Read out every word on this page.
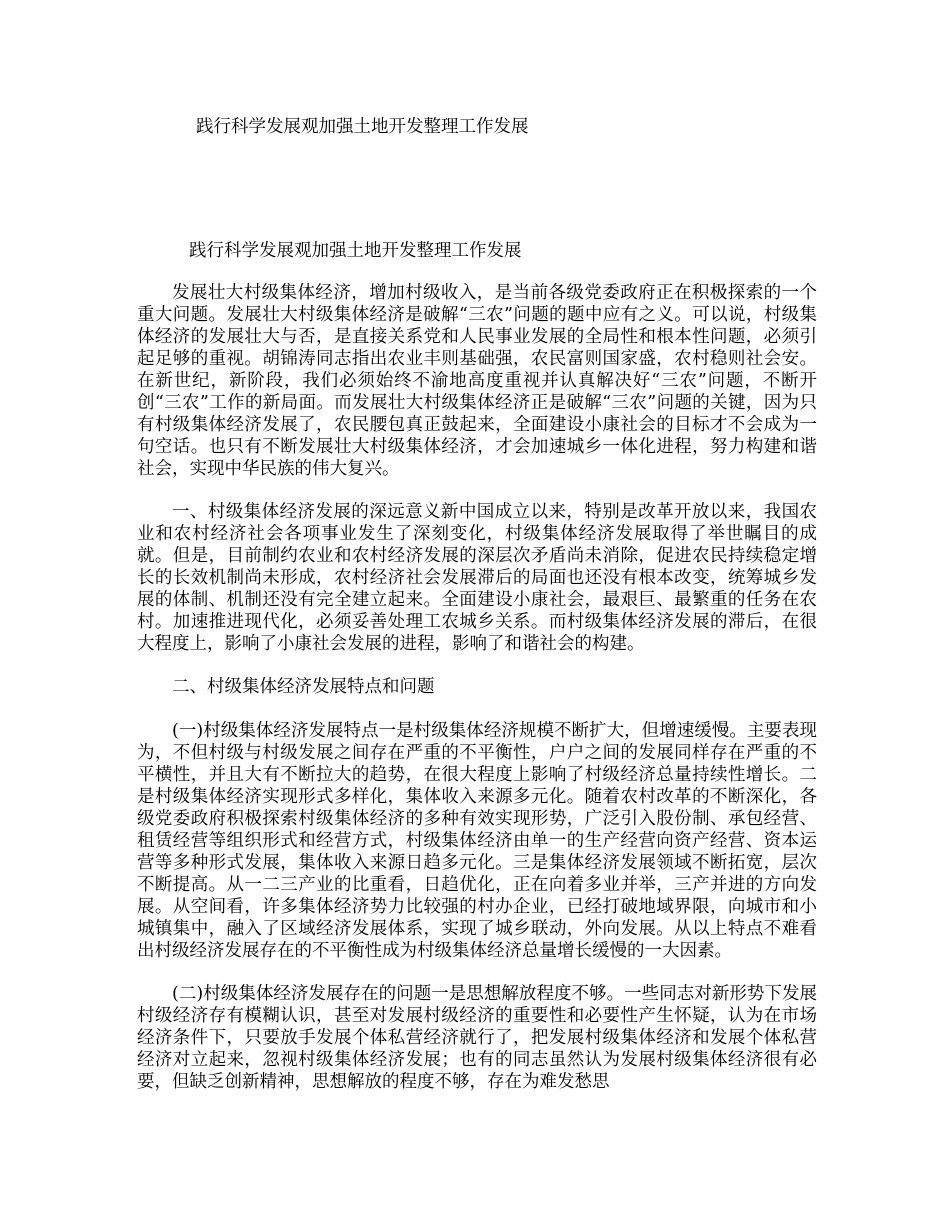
践行科学发展观加强土地开发整理工作发展
践行科学发展观加强土地开发整理工作发展

发展壮大村级集体经济，增加村级收入，是当前各级党委政府正在积极探索的一个重大问题。发展壮大村级集体经济是破解“三农”问题的题中应有之义。可以说，村级集体经济的发展壮大与否，是直接关系党和人民事业发展的全局性和根本性问题，必须引起足够的重视。胡锦涛同志指出农业丰则基础强，农民富则国家盛，农村稳则社会安。在新世纪，新阶段，我们必须始终不渝地高度重视并认真解决好“三农”问题，不断开创“三农”工作的新局面。而发展壮大村级集体经济正是破解“三农”问题的关键，因为只有村级集体经济发展了，农民腰包真正鼓起来，全面建设小康社会的目标才不会成为一句空话。也只有不断发展壮大村级集体经济，才会加速城乡一体化进程，努力构建和谐社会，实现中华民族的伟大复兴。

一、村级集体经济发展的深远意义新中国成立以来，特别是改革开放以来，我国农业和农村经济社会各项事业发生了深刻变化，村级集体经济发展取得了举世瞩目的成就。但是，目前制约农业和农村经济发展的深层次矛盾尚未消除，促进农民持续稳定增长的长效机制尚未形成，农村经济社会发展滞后的局面也还没有根本改变，统筹城乡发展的体制、机制还没有完全建立起来。全面建设小康社会，最艰巨、最繁重的任务在农村。加速推进现代化，必须妥善处理工农城乡关系。而村级集体经济发展的滞后，在很大程度上，影响了小康社会发展的进程，影响了和谐社会的构建。

二、村级集体经济发展特点和问题

(一)村级集体经济发展特点一是村级集体经济规模不断扩大，但增速缓慢。主要表现为，不但村级与村级发展之间存在严重的不平衡性，户户之间的发展同样存在严重的不平横性，并且大有不断拉大的趋势，在很大程度上影响了村级经济总量持续性增长。二是村级集体经济实现形式多样化，集体收入来源多元化。随着农村改革的不断深化，各级党委政府积极探索村级集体经济的多种有效实现形势，广泛引入股份制、承包经营、租赁经营等组织形式和经营方式，村级集体经济由单一的生产经营向资产经营、资本运营等多种形式发展，集体收入来源日趋多元化。三是集体经济发展领域不断拓宽，层次不断提高。从一二三产业的比重看，日趋优化，正在向着多业并举，三产并进的方向发展。从空间看，许多集体经济势力比较强的村办企业，已经打破地域界限，向城市和小城镇集中，融入了区域经济发展体系，实现了城乡联动，外向发展。从以上特点不难看出村级经济发展存在的不平衡性成为村级集体经济总量增长缓慢的一大因素。

(二)村级集体经济发展存在的问题一是思想解放程度不够。一些同志对新形势下发展村级经济存有模糊认识，甚至对发展村级经济的重要性和必要性产生怀疑，认为在市场经济条件下，只要放手发展个体私营经济就行了，把发展村级集体经济和发展个体私营经济对立起来，忽视村级集体经济发展；也有的同志虽然认为发展村级集体经济很有必要，但缺乏创新精神，思想解放的程度不够，存在为难发愁思
